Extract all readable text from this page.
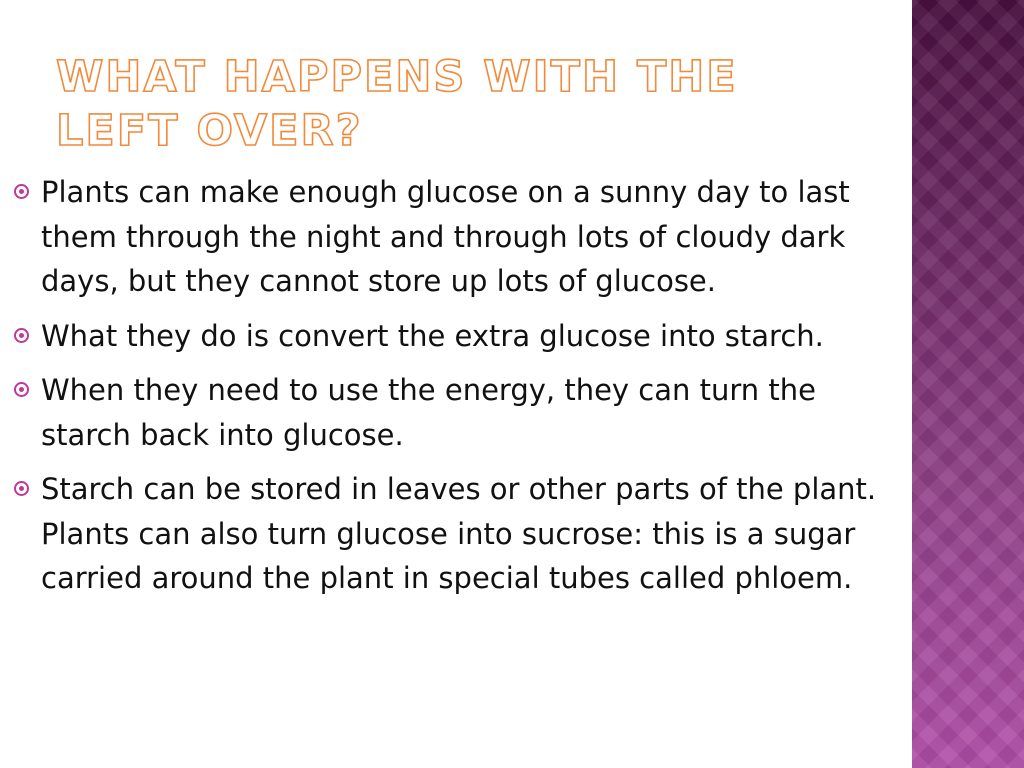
WHAT HAPPENS WITH THE LEFT OVER?
Plants can make enough glucose on a sunny day to last them through the night and through lots of cloudy dark days, but they cannot store up lots of glucose.
What they do is convert the extra glucose into starch.
When they need to use the energy, they can turn the starch back into glucose.
Starch can be stored in leaves or other parts of the plant. Plants can also turn glucose into sucrose: this is a sugar carried around the plant in special tubes called phloem.
